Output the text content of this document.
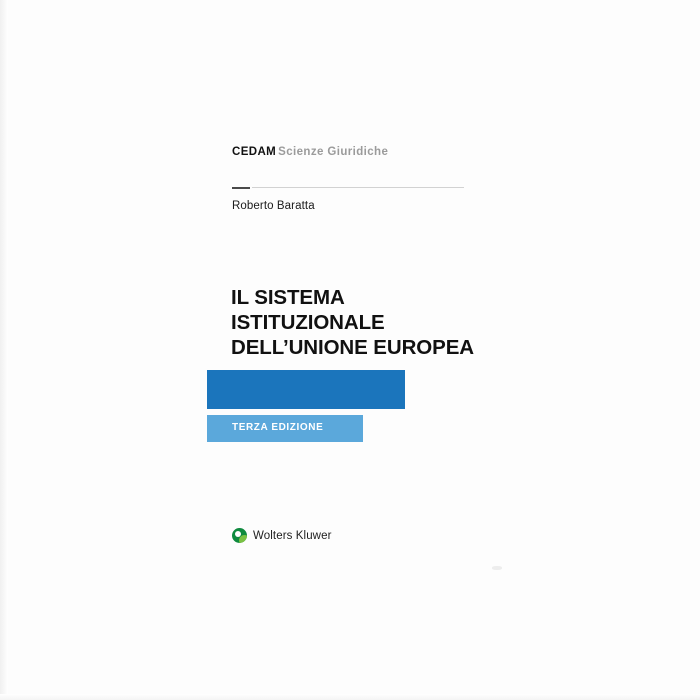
CEDAM Scienze Giuridiche
Roberto Baratta
IL SISTEMA
ISTITUZIONALE
DELL’UNIONE EUROPEA
TERZA EDIZIONE
Wolters Kluwer
